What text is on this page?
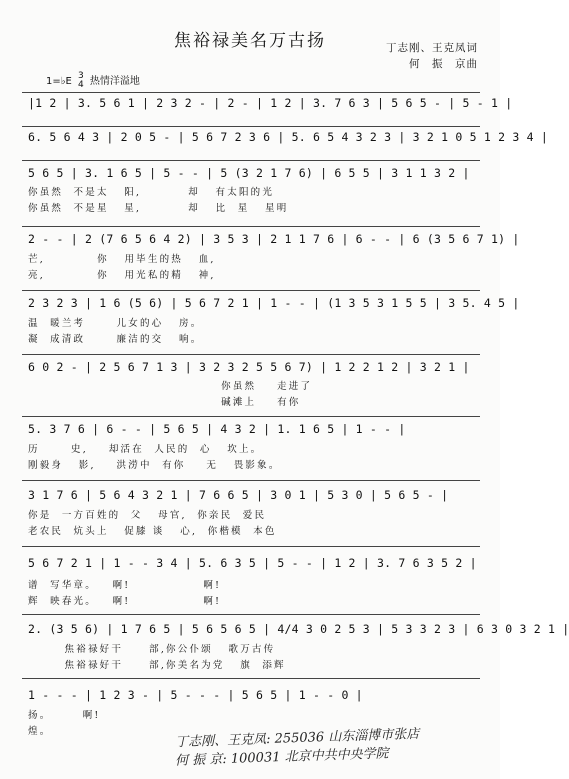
焦裕禄美名万古扬	丁志刚、王克凤词
何　振　京曲
1=♭E 3
4 热情洋溢地
|1 2 | 3. 5 6 1 | 2 3 2 - | 2 - | 1 2 | 3. 7 6 3 | 5 6 5 - | 5 - 1 |
6. 5 6 4 3 | 2 0 5 - | 5 6 7 2 3 6 | 5. 6 5 4 3 2 3 | 3 2 1 0 5 1 2 3 4 |
5 6 5 | 3. 1 6 5 | 5 - - | 5 (3 2 1 7 6) | 6 5 5 | 3 1 1 3 2 |
你虽然  不是太   阳,         却   有太阳的光
你虽然  不是星   星,         却   比  星   星明
2 - - | 2 (7 6 5 6 4 2) | 3 5 3 | 2 1 1 7 6 | 6 - - | 6 (3 5 6 7 1) |
芒,          你   用毕生的热   血,
亮,          你   用光私的精   神,
2 3 2 3 | 1 6 (5 6) | 5 6 7 2 1 | 1 - - | (1 3 5 3 1 5 5 | 3 5. 4 5 |
温  暖兰考      儿女的心   房。
凝  成清政      廉洁的交   响。
6 0 2 - | 2 5 6 7 1 3 | 3 2 3 2 5 5 6 7) | 1 2 2 1 2 | 3 2 1 |
你虽然    走进了
碱滩上    有你
5. 3 7 6 | 6 - - | 5 6 5 | 4 3 2 | 1. 1 6 5 | 1 - - |
历      史,    却活在  人民的  心   坎上。
刚毅身   影,    洪涝中  有你    无   畏影象。
3 1 7 6 | 5 6 4 3 2 1 | 7 6 6 5 | 3 0 1 | 5 3 0 | 5 6 5 - |
你是  一方百姓的  父   母官,  你亲民  爱民
老农民  炕头上   促膝 谈   心,  你楷模  本色
5 6 7 2 1 | 1 - - 3 4 | 5. 6 3 5 | 5 - - | 1 2 | 3. 7 6 3 5 2 |
谱  写华章。   啊!              啊!
辉  映春光。   啊!              啊!
2. (3 5 6) | 1 7 6 5 | 5 6 5 6 5 | 4/4 3 0 2 5 3 | 5 3 3 2 3 | 6 3 0 3 2 1 |
焦裕禄好干     部,你公仆颂   歌万古传
焦裕禄好干     部,你美名为党   旗  添辉
1 - - - | 1 2 3 - | 5 - - - | 5 6 5 | 1 - - 0 |
扬。      啊!
煌。	丁志刚、王克凤: 255036 山东淄博市张店
何 振 京: 100031 北京中共中央学院
